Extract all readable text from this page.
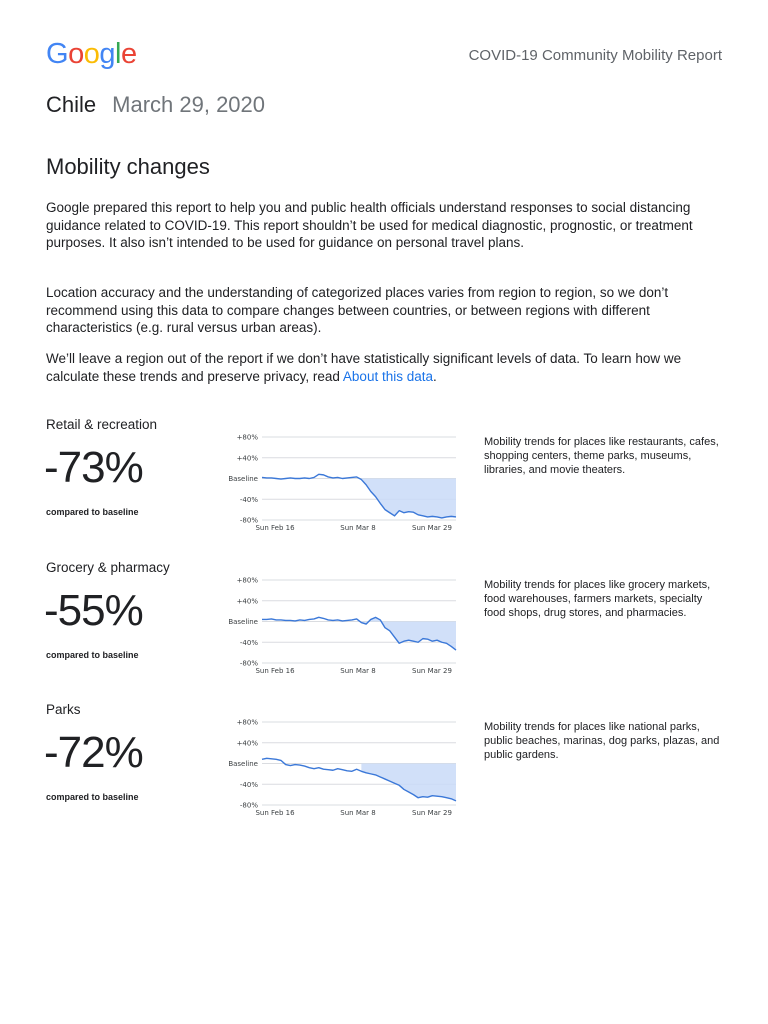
Google	COVID-19 Community Mobility Report
Chile March 29, 2020
Mobility changes

Google prepared this report to help you and public health officials understand responses to social distancing guidance related to COVID-19. This report shouldn’t be used for medical diagnostic, prognostic, or treatment purposes. It also isn’t intended to be used for guidance on personal travel plans.

Location accuracy and the understanding of categorized places varies from region to region, so we don’t recommend using this data to compare changes between countries, or between regions with different characteristics (e.g. rural versus urban areas).

We’ll leave a region out of the report if we don’t have statistically significant levels of data. To learn how we calculate these trends and preserve privacy, read About this data.

Retail & recreation
-73%
compared to baseline
+80%
+40%
Baseline
-40%
-80%
Sun Feb 16	Sun Mar 8	Sun Mar 29
Mobility trends for places like restaurants, cafes, shopping centers, theme parks, museums, libraries, and movie theaters.
Grocery & pharmacy
-55%
compared to baseline
+80%
+40%
Baseline
-40%
-80%
Sun Feb 16	Sun Mar 8	Sun Mar 29
Mobility trends for places like grocery markets, food warehouses, farmers markets, specialty food shops, drug stores, and pharmacies.
Parks
-72%
compared to baseline
+80%
+40%
Baseline
-40%
-80%
Sun Feb 16	Sun Mar 8	Sun Mar 29
Mobility trends for places like national parks, public beaches, marinas, dog parks, plazas, and public gardens.
